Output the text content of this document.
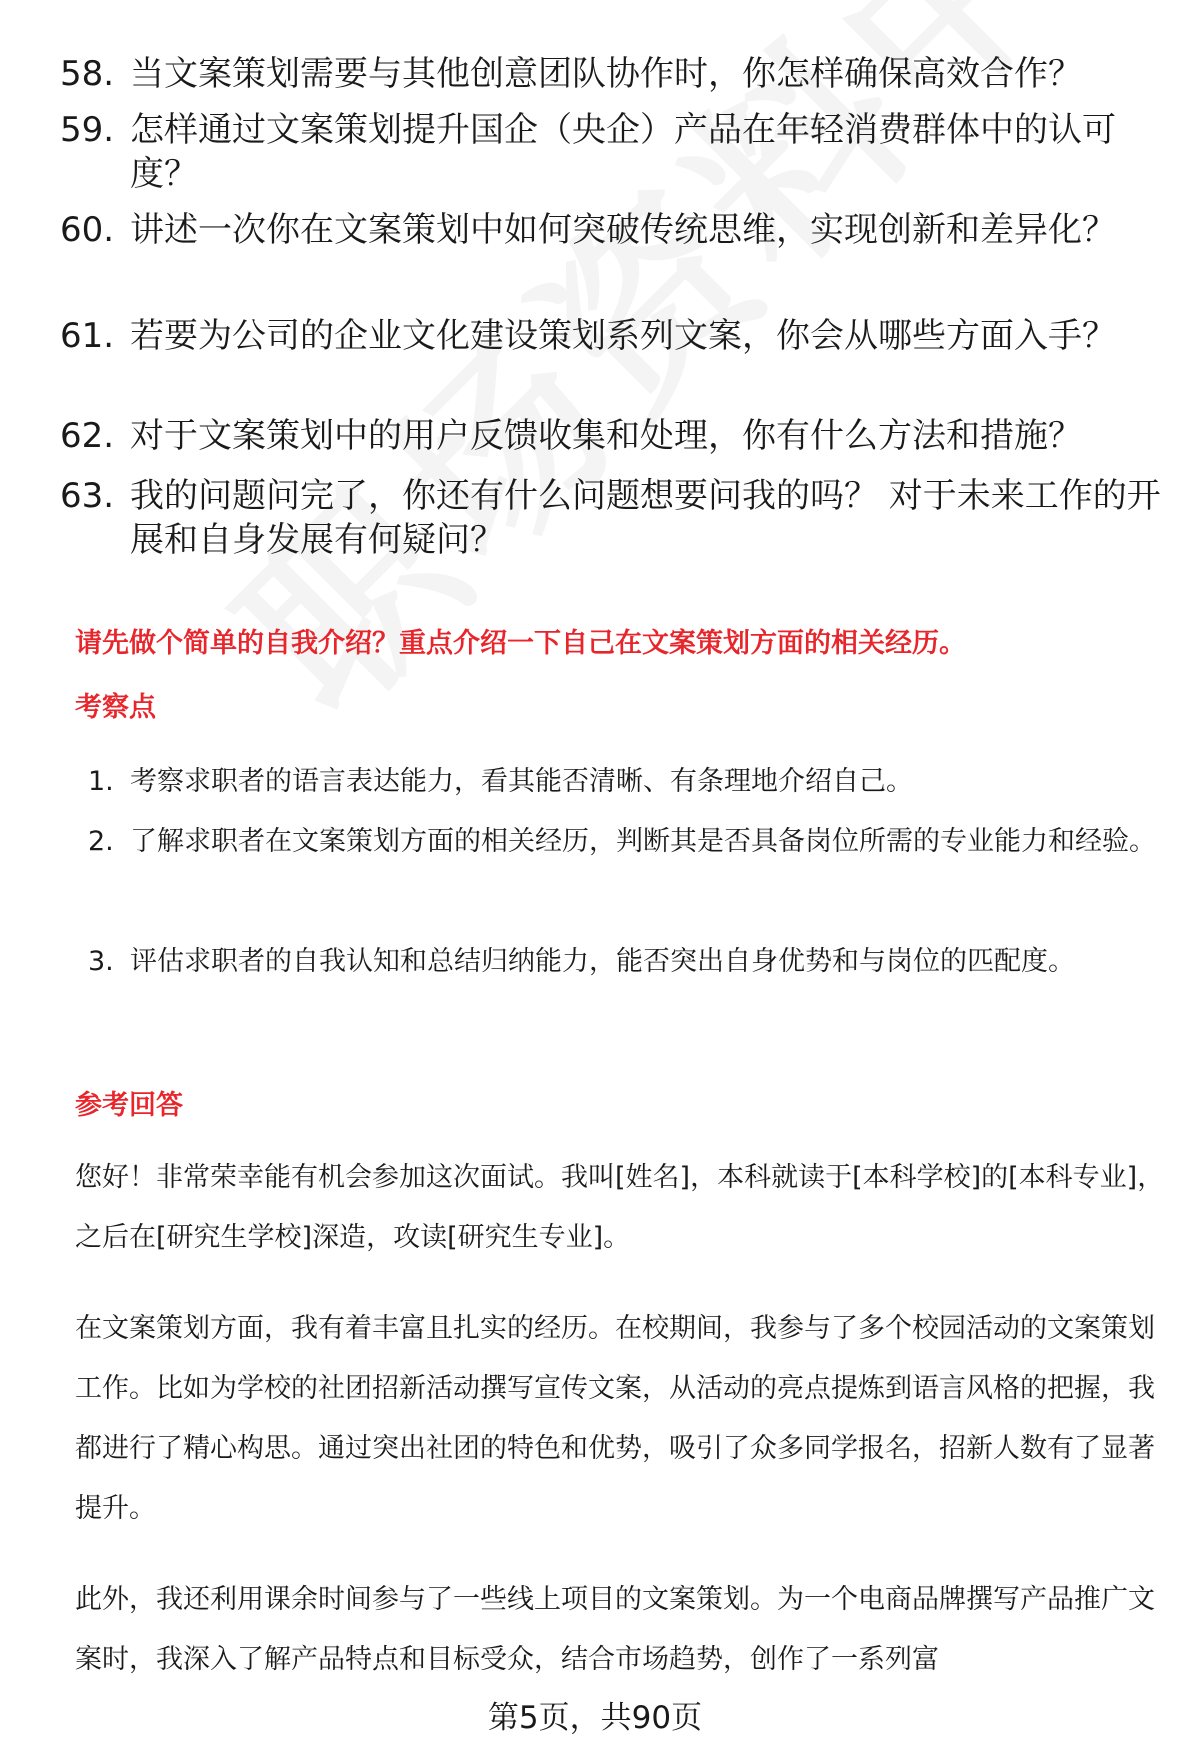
58. 当文案策划需要与其他创意团队协作时，你怎样确保高效合作？
59. 怎样通过文案策划提升国企（央企）产品在年轻消费群体中的认可度？
60. 讲述一次你在文案策划中如何突破传统思维，实现创新和差异化？
61. 若要为公司的企业文化建设策划系列文案，你会从哪些方面入手？
62. 对于文案策划中的用户反馈收集和处理，你有什么方法和措施？
63. 我的问题问完了，你还有什么问题想要问我的吗？ 对于未来工作的开展和自身发展有何疑问？
请先做个简单的自我介绍？重点介绍一下自己在文案策划方面的相关经历。
考察点
1. 考察求职者的语言表达能力，看其能否清晰、有条理地介绍自己。
2. 了解求职者在文案策划方面的相关经历，判断其是否具备岗位所需的专业能力和经验。
3. 评估求职者的自我认知和总结归纳能力，能否突出自身优势和与岗位的匹配度。
参考回答
您好！非常荣幸能有机会参加这次面试。我叫[姓名]，本科就读于[本科学校]的[本科专业]，之后在[研究生学校]深造，攻读[研究生专业]。
在文案策划方面，我有着丰富且扎实的经历。在校期间，我参与了多个校园活动的文案策划工作。比如为学校的社团招新活动撰写宣传文案，从活动的亮点提炼到语言风格的把握，我都进行了精心构思。通过突出社团的特色和优势，吸引了众多同学报名，招新人数有了显著提升。
此外，我还利用课余时间参与了一些线上项目的文案策划。为一个电商品牌撰写产品推广文案时，我深入了解产品特点和目标受众，结合市场趋势，创作了一系列富
第5页，共90页
